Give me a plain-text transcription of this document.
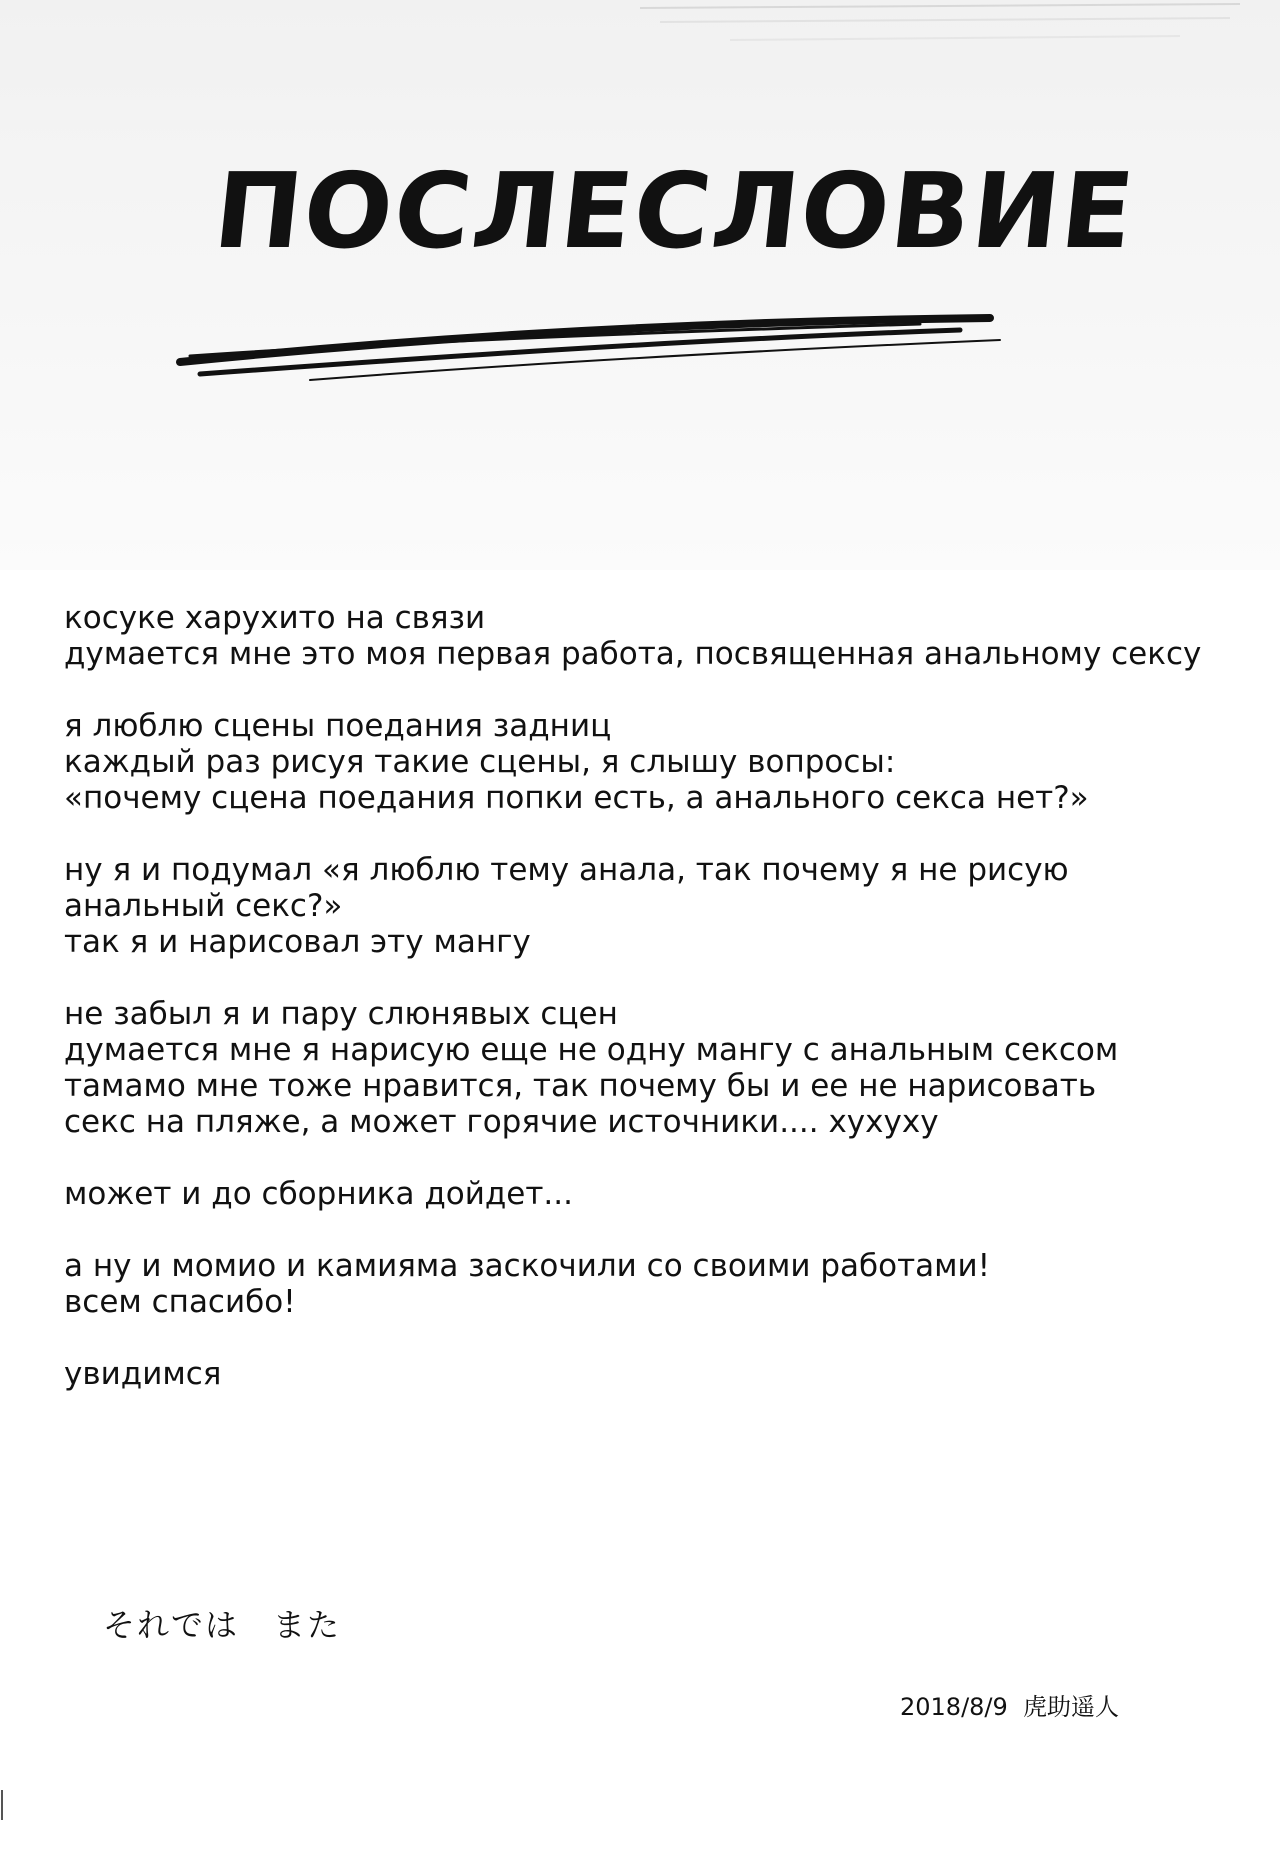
ПОСЛЕСЛОВИЕ
косуке харухито на связи
думается мне это моя первая работа, посвященная анальному сексу
я люблю сцены поедания задниц
каждый раз рисуя такие сцены, я слышу вопросы:
«почему сцена поедания попки есть, а анального секса нет?»
ну я и подумал «я люблю тему анала, так почему я не рисую
анальный секс?»
так я и нарисовал эту мангу
не забыл я и пару слюнявых сцен
думается мне я нарисую еще не одну мангу с анальным сексом
тамамо мне тоже нравится, так почему бы и ее не нарисовать
секс на пляже, а может горячие источники.... хухуху
может и до сборника дойдет...
а ну и момио и камияма заскочили со своими работами!
всем спасибо!
увидимся
それでは　また
2018/8/9  虎助遥人
